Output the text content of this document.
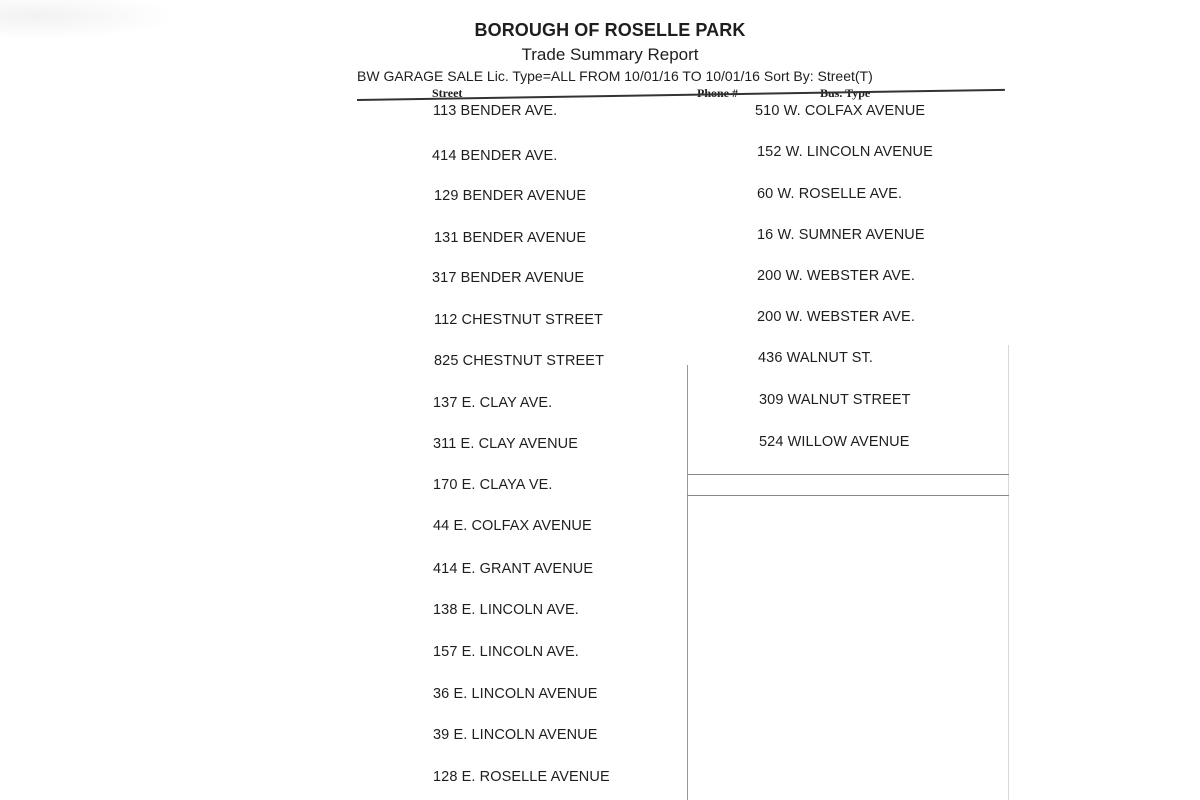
BOROUGH OF ROSELLE PARK
Trade Summary Report
BW GARAGE SALE Lic. Type=ALL FROM 10/01/16 TO 10/01/16 Sort By: Street(T)
Street	Phone #	Bus. Type
113 BENDER AVE.
414 BENDER AVE.
129 BENDER AVENUE
131 BENDER AVENUE
317 BENDER AVENUE
112 CHESTNUT STREET
825 CHESTNUT STREET
137 E. CLAY AVE.
311 E. CLAY AVENUE
170 E. CLAYA VE.
44 E. COLFAX AVENUE
414 E. GRANT AVENUE
138 E. LINCOLN AVE.
157 E. LINCOLN AVE.
36 E. LINCOLN AVENUE
39 E. LINCOLN AVENUE
128 E. ROSELLE AVENUE
510 W. COLFAX AVENUE
152 W. LINCOLN AVENUE
60 W. ROSELLE AVE.
16 W. SUMNER AVENUE
200 W. WEBSTER AVE.
200 W. WEBSTER AVE.
436 WALNUT ST.
309 WALNUT STREET
524 WILLOW AVENUE
